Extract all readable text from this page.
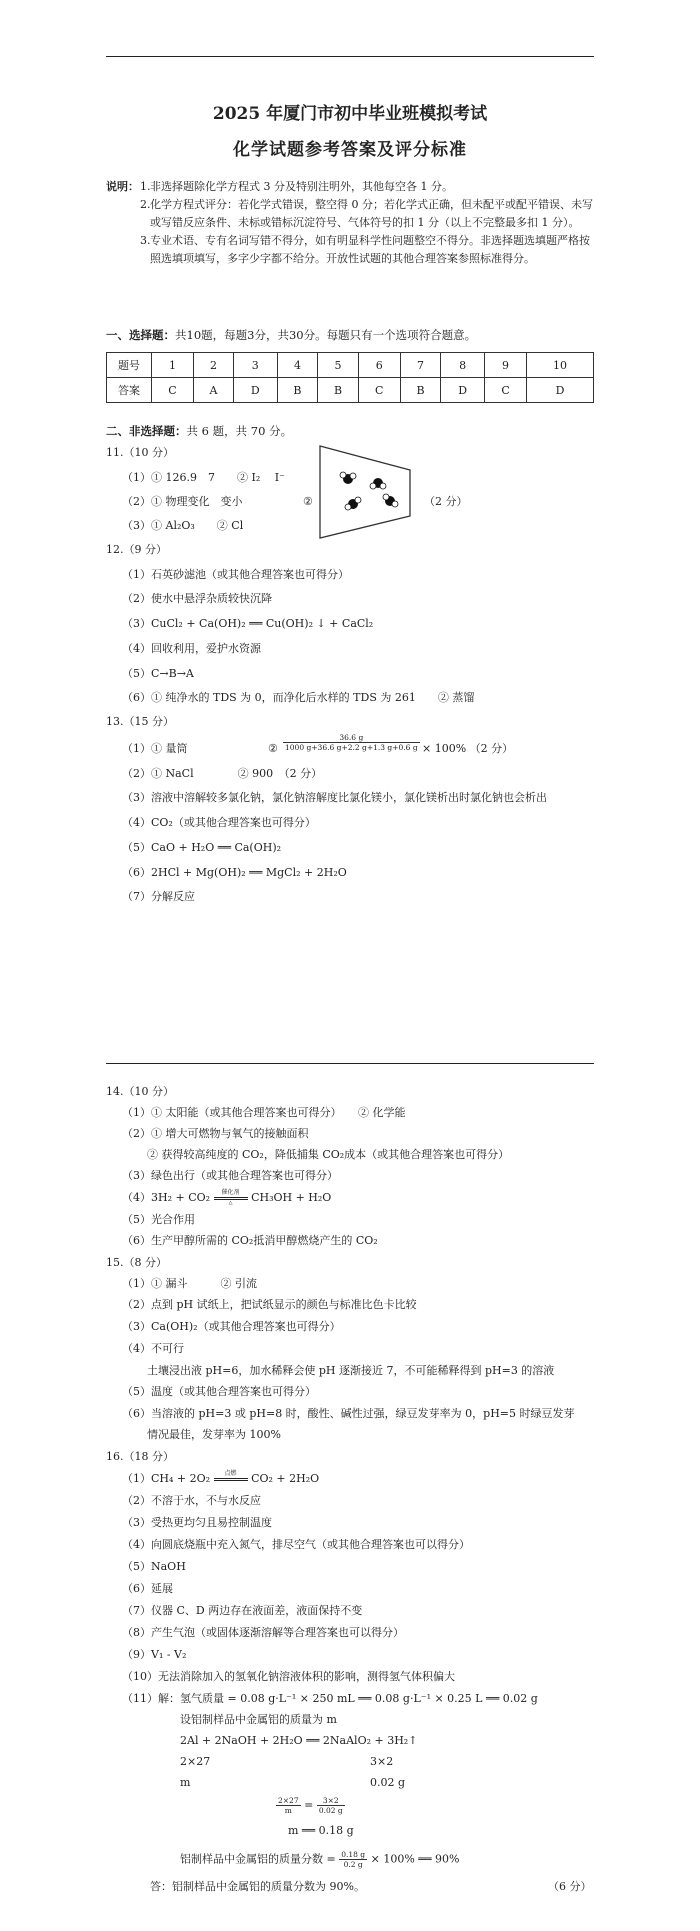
2025 年厦门市初中毕业班模拟考试
化学试题参考答案及评分标准
说明： 1. 非选择题除化学方程式 3 分及特别注明外，其他每空各 1 分。
2. 化学方程式评分：若化学式错误，整空得 0 分；若化学式正确，但未配平或配平错误、未写或写错反应条件、未标或错标沉淀符号、气体符号的扣 1 分（以上不完整最多扣 1 分）。
3. 专业术语、专有名词写错不得分，如有明显科学性问题整空不得分。非选择题选填题严格按照选填项填写，多字少字都不给分。开放性试题的其他合理答案参照标准得分。
一、选择题：共10题，每题3分，共30分。每题只有一个选项符合题意。
题号	1	2	3	4	5	6	7	8	9	10
答案	C	A	D	B	B	C	B	D	C	D
二、非选择题：共 6 题，共 70 分。
11.（10 分）
（1）① 126.9　7　　② I₂　 I⁻
（2）① 物理变化　变小	②	（2 分）
（3）① Al₂O₃　　② Cl
12.（9 分）
（1）石英砂滤池（或其他合理答案也可得分）
（2）使水中悬浮杂质较快沉降
（3）CuCl₂ + Ca(OH)₂ ══ Cu(OH)₂ ↓ + CaCl₂
（4）回收利用，爱护水资源
（5）C→B→A
（6）① 纯净水的 TDS 为 0，而净化后水样的 TDS 为 261　　② 蒸馏
13.（15 分）
（1）① 量筒	② $\frac{36.6 g}{1000 g+36.6 g+2.2 g+1.3 g+0.6 g} \times 100\%$ （2 分）
（2）① NaCl　　　　② 900　（2 分）
（3）溶液中溶解较多氯化钠，氯化钠溶解度比氯化镁小，氯化镁析出时氯化钠也会析出
（4）CO₂（或其他合理答案也可得分）
（5）CaO + H₂O ══ Ca(OH)₂
（6）2HCl + Mg(OH)₂ ══ MgCl₂ + 2H₂O
（7）分解反应
14.（10 分）
（1）① 太阳能（或其他合理答案也可得分）　　② 化学能
（2）① 增大可燃物与氧气的接触面积
② 获得较高纯度的 CO₂，降低捕集 CO₂成本（或其他合理答案也可得分）
（3）绿色出行（或其他合理答案也可得分）
（4）3H₂ + CO₂	催化剂
△	CH₃OH + H₂O
（5）光合作用
（6）生产甲醇所需的 CO₂抵消甲醇燃烧产生的 CO₂
15.（8 分）
（1）① 漏斗　　　② 引流
（2）点到 pH 试纸上，把试纸显示的颜色与标准比色卡比较
（3）Ca(OH)₂（或其他合理答案也可得分）
（4）不可行
土壤浸出液 pH=6，加水稀释会使 pH 逐渐接近 7，不可能稀释得到 pH=3 的溶液
（5）温度（或其他合理答案也可得分）
（6）当溶液的 pH=3 或 pH=8 时，酸性、碱性过强，绿豆发芽率为 0，pH=5 时绿豆发芽
情况最佳，发芽率为 100%
16.（18 分）
（1）CH₄ + 2O₂	点燃	CO₂ + 2H₂O
（2）不溶于水，不与水反应
（3）受热更均匀且易控制温度
（4）向圆底烧瓶中充入氮气，排尽空气（或其他合理答案也可以得分）
（5）NaOH
（6）延展
（7）仪器 C、D 两边存在液面差，液面保持不变
（8）产生气泡（或固体逐渐溶解等合理答案也可以得分）
（9）V₁ - V₂
（10）无法消除加入的氢氧化钠溶液体积的影响，测得氢气体积偏大
（11）解：氢气质量 = 0.08 g·L⁻¹ × 250 mL ══ 0.08 g·L⁻¹ × 0.25 L ══ 0.02 g
设铝制样品中金属铝的质量为 m
2Al + 2NaOH + 2H₂O ══ 2NaAlO₂ + 3H₂↑
2×27	3×2
m	0.02 g
$\frac{2\times 27}{m} = \frac{3\times 2}{0.02 g}$
m ══ 0.18 g
铝制样品中金属铝的质量分数 = $\frac{0.18 g}{0.2 g} \times 100\%$ ══ 90%
答：铝制样品中金属铝的质量分数为 90%。	（6 分）
